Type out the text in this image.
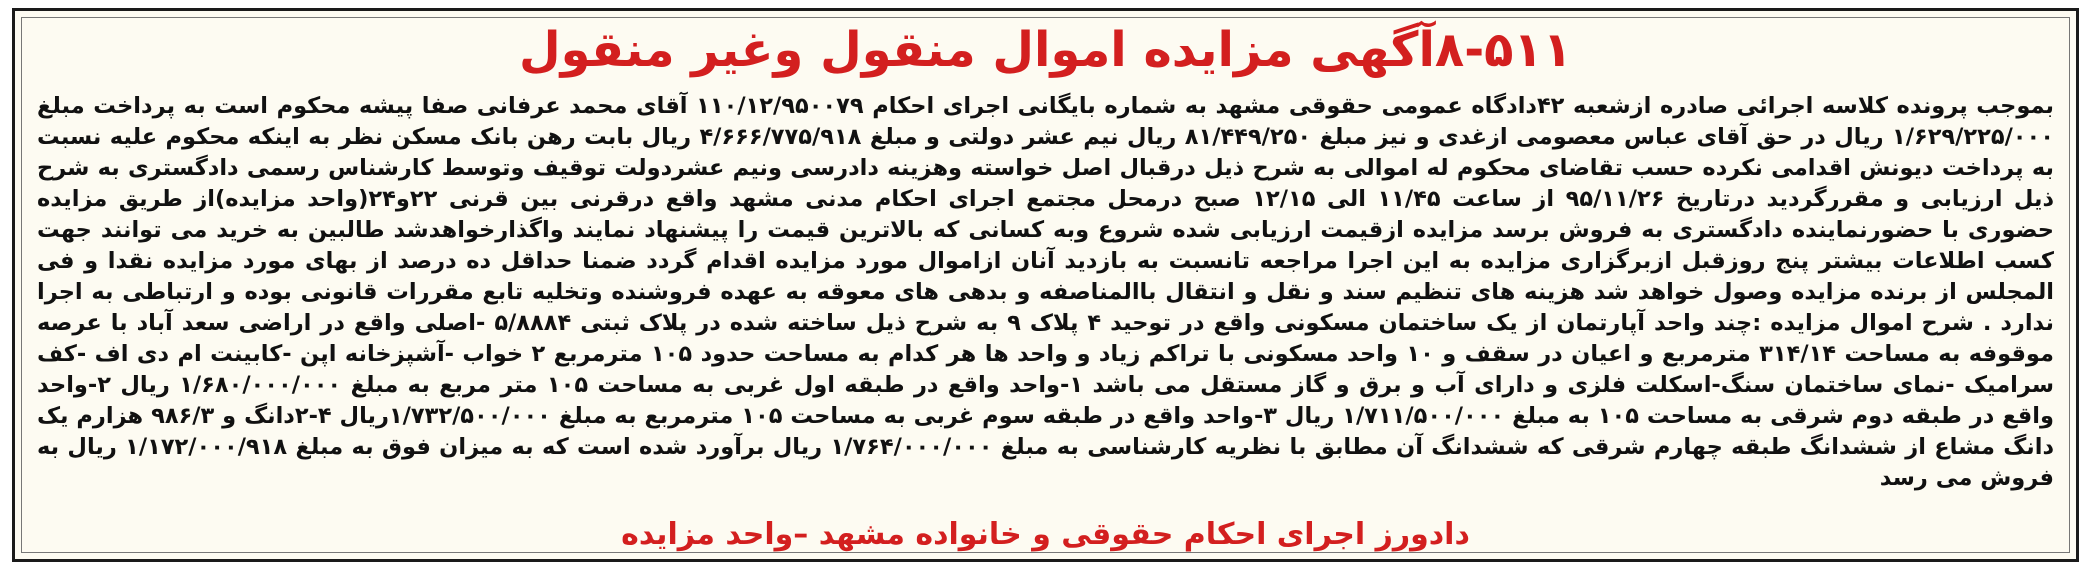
۸-۵۱۱آگهی مزایده اموال منقول وغیر منقول

بموجب پرونده کلاسه اجرائی صادره ازشعبه ۴۲دادگاه عمومی حقوقی مشهد به شماره بایگانی اجرای احکام ۱۱۰/۱۲/۹۵۰۰۷۹ آقای محمد عرفانی صفا پیشه محکوم است به پرداخت مبلغ ۱/۶۲۹/۲۲۵/۰۰۰ ریال در حق آقای عباس معصومی ازغدی و نیز مبلغ ۸۱/۴۴۹/۲۵۰ ریال نیم عشر دولتی و مبلغ ۴/۶۶۶/۷۷۵/۹۱۸ ریال بابت رهن بانک مسکن نظر به اینکه محکوم علیه نسبت به پرداخت دیونش اقدامی نکرده حسب تقاضای محکوم له اموالی به شرح ذیل درقبال اصل خواسته وهزینه دادرسی ونیم عشردولت توقیف وتوسط کارشناس رسمی دادگستری به شرح ذیل ارزیابی و مقررگردید درتاریخ ۹۵/۱۱/۲۶ از ساعت ۱۱/۴۵ الی ۱۲/۱۵ صبح درمحل مجتمع اجرای احکام مدنی مشهد واقع درقرنی بین قرنی ۲۲و۲۴(واحد مزایده)از طریق مزایده حضوری با حضورنماینده دادگستری به فروش برسد مزایده ازقیمت ارزیابی شده شروع وبه کسانی که بالاترین قیمت را پیشنهاد نمایند واگذارخواهدشد طالبین به خرید می توانند جهت کسب اطلاعات بیشتر پنج روزقبل ازبرگزاری مزایده به این اجرا مراجعه تانسبت به بازدید آنان ازاموال مورد مزایده اقدام گردد ضمنا حداقل ده درصد از بهای مورد مزایده نقدا و فی المجلس از برنده مزایده وصول خواهد شد هزینه های تنظیم سند و نقل و انتقال باالمناصفه و بدهی های معوقه به عهده فروشنده وتخلیه تابع مقررات قانونی بوده و ارتباطی به اجرا ندارد . شرح اموال مزایده :چند واحد آپارتمان از یک ساختمان مسکونی واقع در توحید ۴ پلاک ۹ به شرح ذیل ساخته شده در پلاک ثبتی ۵/۸۸۸۴ -اصلی واقع در اراضی سعد آباد با عرصه موقوفه به مساحت ۳۱۴/۱۴ مترمربع و اعیان در سقف و ۱۰ واحد مسکونی با تراکم زیاد و واحد ها هر کدام به مساحت حدود ۱۰۵ مترمربع ۲ خواب -آشپزخانه اپن -کابینت ام دی اف -کف سرامیک -نمای ساختمان سنگ-اسکلت فلزی و دارای آب و برق و گاز مستقل می باشد ۱-واحد واقع در طبقه اول غربی به مساحت ۱۰۵ متر مربع به مبلغ ۱/۶۸۰/۰۰۰/۰۰۰ ریال ۲-واحد واقع در طبقه دوم شرقی به مساحت ۱۰۵ به مبلغ ۱/۷۱۱/۵۰۰/۰۰۰ ریال ۳-واحد واقع در طبقه سوم غربی به مساحت ۱۰۵ مترمربع به مبلغ ۱/۷۳۲/۵۰۰/۰۰۰ریال ۴-۲دانگ و ۹۸۶/۳ هزارم یک دانگ مشاع از ششدانگ طبقه چهارم شرقی که ششدانگ آن مطابق با نظریه کارشناسی به مبلغ ۱/۷۶۴/۰۰۰/۰۰۰ ریال برآورد شده است که به میزان فوق به مبلغ ۱/۱۷۲/۰۰۰/۹۱۸ ریال به فروش می رسد

دادورز اجرای احکام حقوقی و خانواده مشهد –واحد مزایده
